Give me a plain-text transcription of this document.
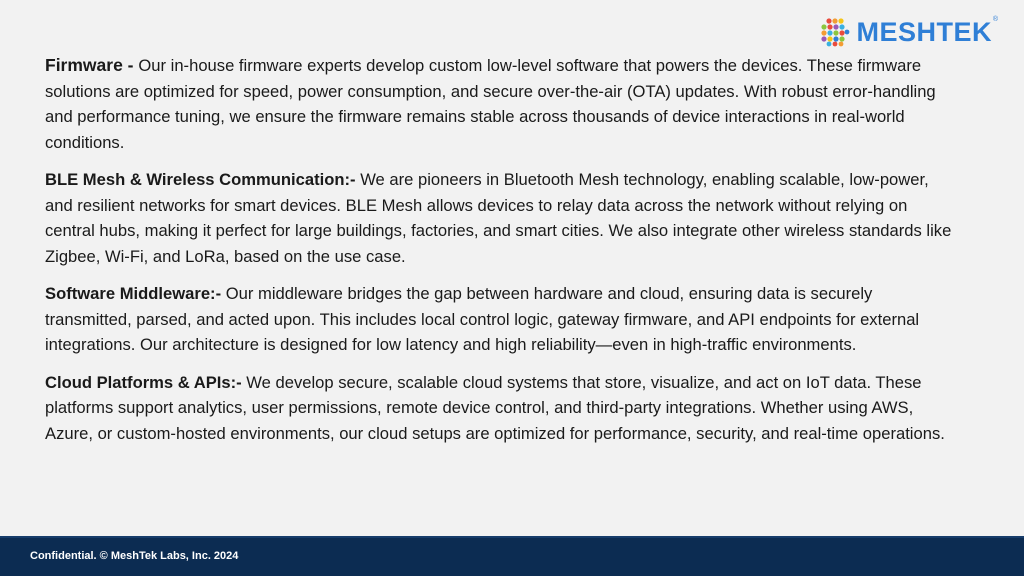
MESHTEK ®

Firmware - Our in-house firmware experts develop custom low-level software that powers the devices. These firmware solutions are optimized for speed, power consumption, and secure over-the-air (OTA) updates. With robust error-handling and performance tuning, we ensure the firmware remains stable across thousands of device interactions in real-world conditions.

BLE Mesh & Wireless Communication:- We are pioneers in Bluetooth Mesh technology, enabling scalable, low-power, and resilient networks for smart devices. BLE Mesh allows devices to relay data across the network without relying on central hubs, making it perfect for large buildings, factories, and smart cities. We also integrate other wireless standards like Zigbee, Wi-Fi, and LoRa, based on the use case.

Software Middleware:- Our middleware bridges the gap between hardware and cloud, ensuring data is securely transmitted, parsed, and acted upon. This includes local control logic, gateway firmware, and API endpoints for external integrations. Our architecture is designed for low latency and high reliability—even in high-traffic environments.

Cloud Platforms & APIs:- We develop secure, scalable cloud systems that store, visualize, and act on IoT data. These platforms support analytics, user permissions, remote device control, and third-party integrations. Whether using AWS, Azure, or custom-hosted environments, our cloud setups are optimized for performance, security, and real-time operations.

Confidential. © MeshTek Labs, Inc. 2024
